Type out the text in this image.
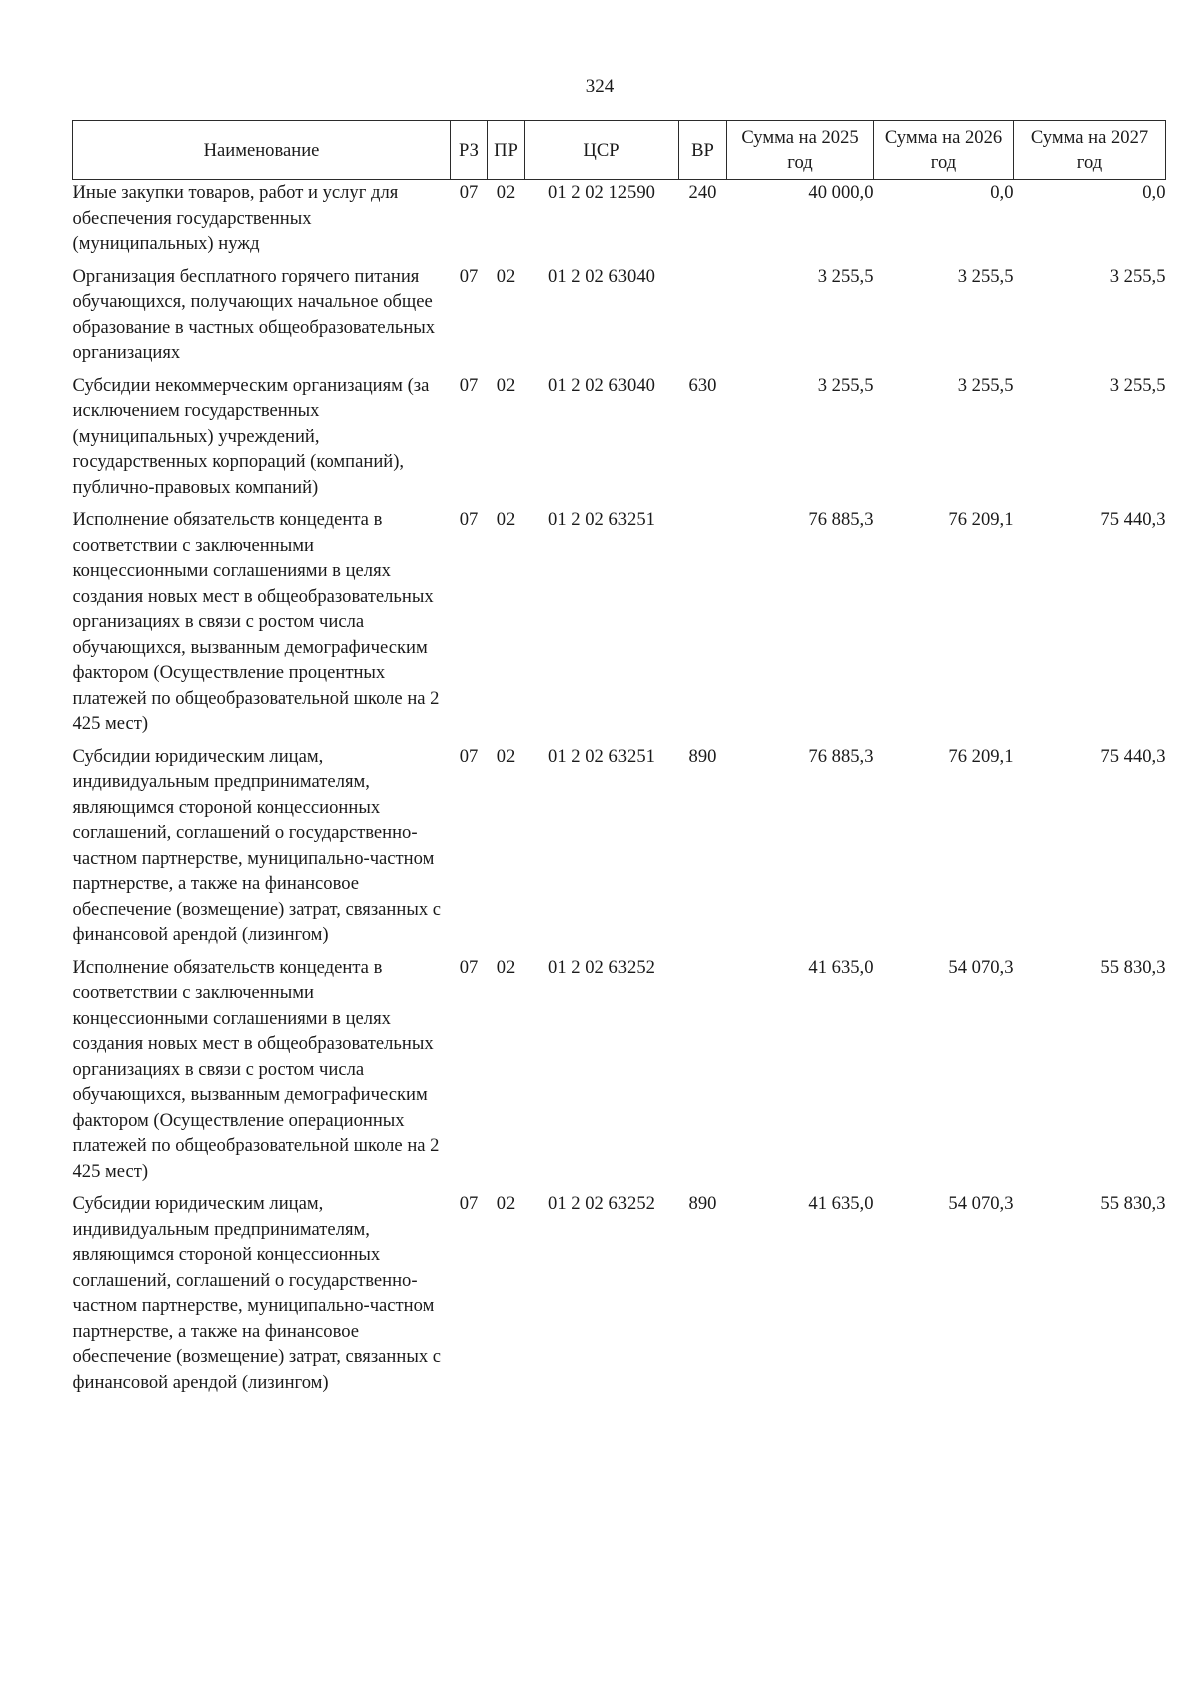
324
Наименование	РЗ	ПР	ЦСР	ВР	Сумма на 2025 год	Сумма на 2026 год	Сумма на 2027 год
Иные закупки товаров, работ и услуг для обеспечения государственных (муниципальных) нужд	07	02	01 2 02 12590	240	40 000,0	0,0	0,0
Организация бесплатного горячего питания обучающихся, получающих начальное общее образование в частных общеобразовательных организациях	07	02	01 2 02 63040		3 255,5	3 255,5	3 255,5
Субсидии некоммерческим организациям (за исключением государственных (муниципальных) учреждений, государственных корпораций (компаний), публично-правовых компаний)	07	02	01 2 02 63040	630	3 255,5	3 255,5	3 255,5
Исполнение обязательств концедента в соответствии с заключенными концессионными соглашениями в целях создания новых мест в общеобразовательных организациях в связи с ростом числа обучающихся, вызванным демографическим фактором (Осуществление процентных платежей по общеобразовательной школе на 2 425 мест)	07	02	01 2 02 63251		76 885,3	76 209,1	75 440,3
Субсидии юридическим лицам, индивидуальным предпринимателям, являющимся стороной концессионных соглашений, соглашений о государственно-частном партнерстве, муниципально-частном партнерстве, а также на финансовое обеспечение (возмещение) затрат, связанных с финансовой арендой (лизингом)	07	02	01 2 02 63251	890	76 885,3	76 209,1	75 440,3
Исполнение обязательств концедента в соответствии с заключенными концессионными соглашениями в целях создания новых мест в общеобразовательных организациях в связи с ростом числа обучающихся, вызванным демографическим фактором (Осуществление операционных платежей по общеобразовательной школе на 2 425 мест)	07	02	01 2 02 63252		41 635,0	54 070,3	55 830,3
Субсидии юридическим лицам, индивидуальным предпринимателям, являющимся стороной концессионных соглашений, соглашений о государственно-частном партнерстве, муниципально-частном партнерстве, а также на финансовое обеспечение (возмещение) затрат, связанных с финансовой арендой (лизингом)	07	02	01 2 02 63252	890	41 635,0	54 070,3	55 830,3
